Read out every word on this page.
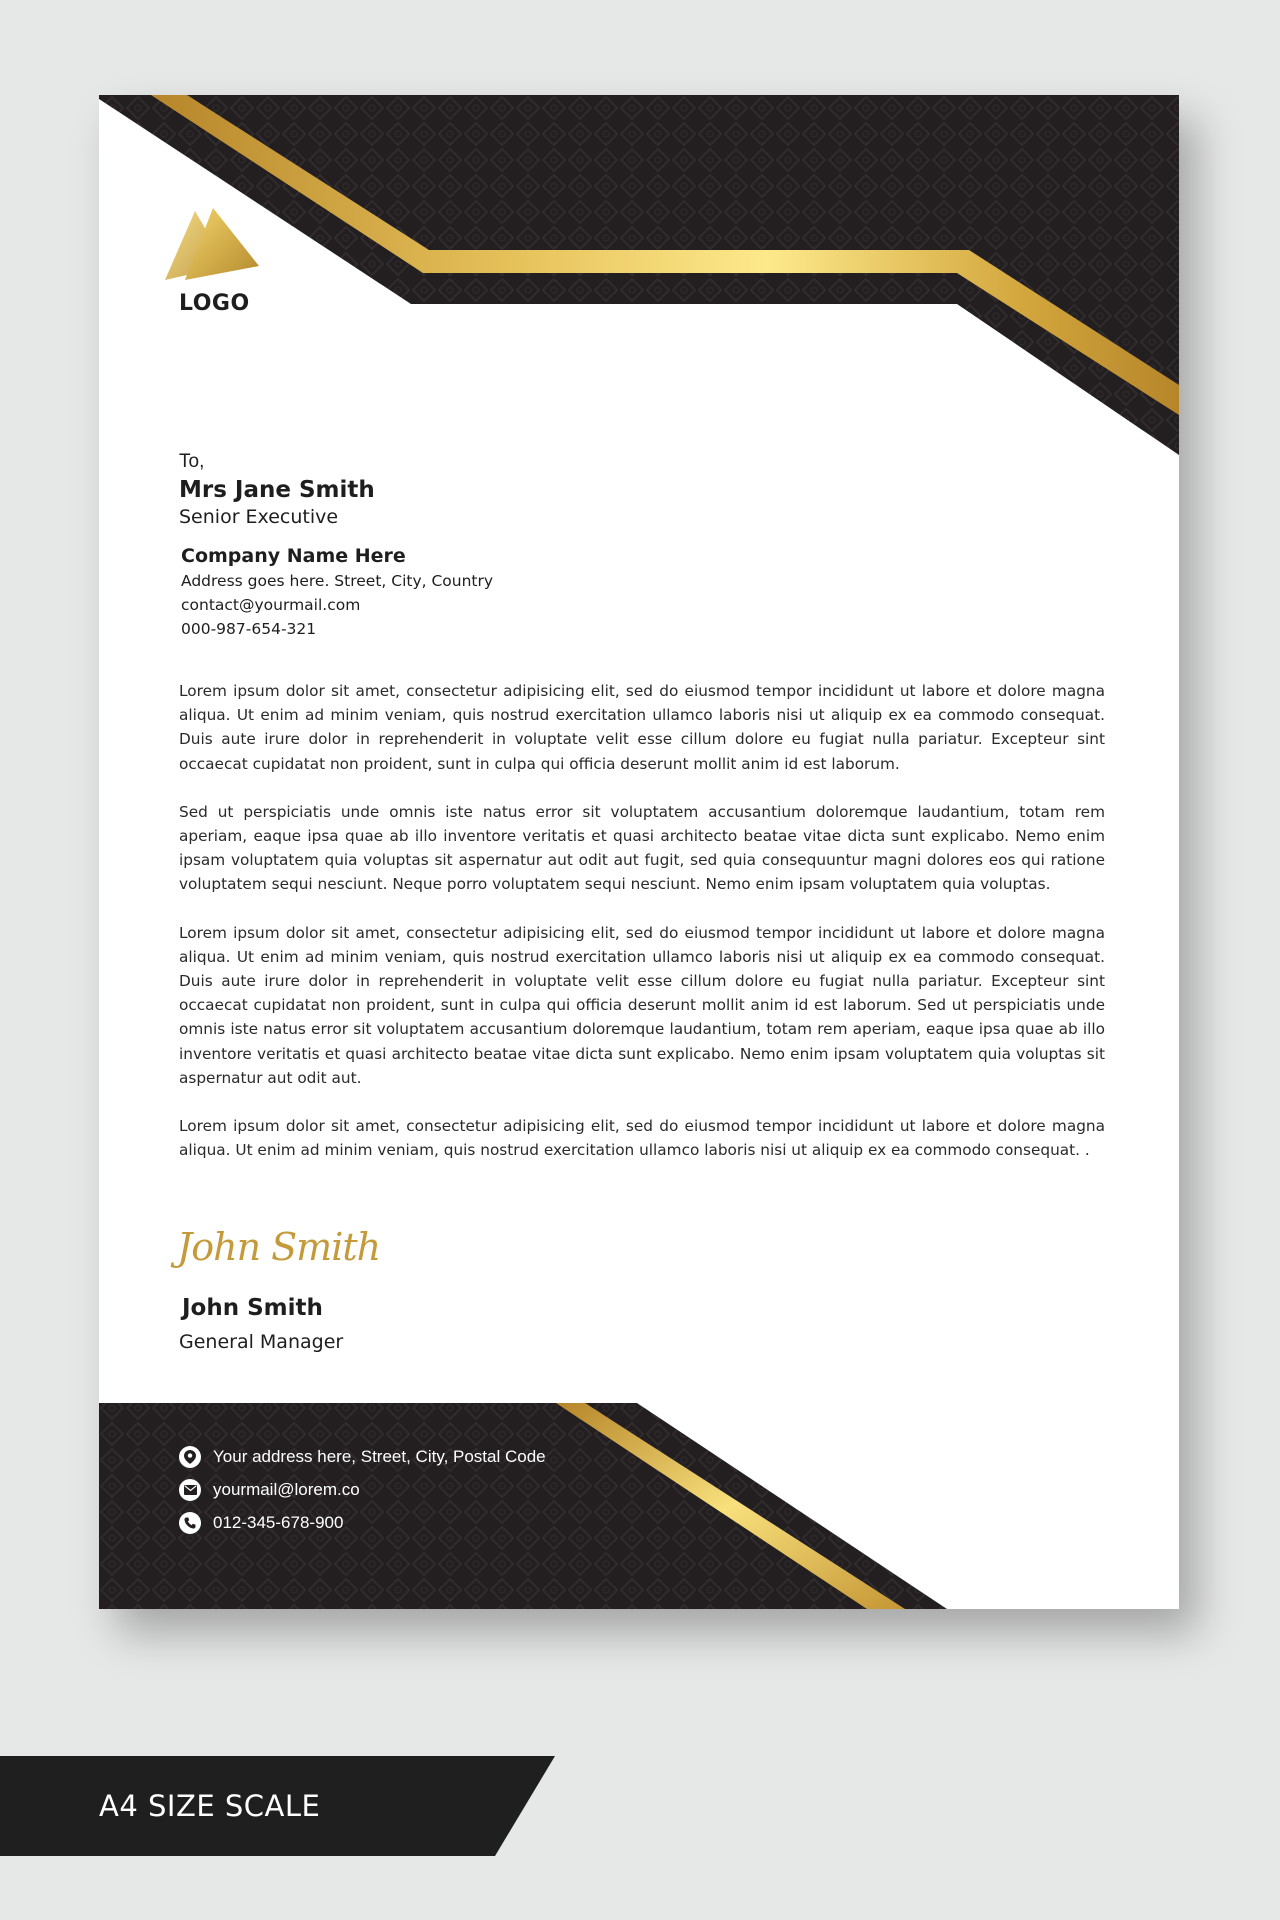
LOGO
To,
Mrs Jane Smith
Senior Executive
Company Name Here
Address goes here. Street, City, Country
contact@yourmail.com
000-987-654-321

Lorem ipsum dolor sit amet, consectetur adipisicing elit, sed do eiusmod tempor incididunt ut labore et dolore magna aliqua. Ut enim ad minim veniam, quis nostrud exercitation ullamco laboris nisi ut aliquip ex ea commodo consequat. Duis aute irure dolor in reprehenderit in voluptate velit esse cillum dolore eu fugiat nulla pariatur. Excepteur sint occaecat cupidatat non proident, sunt in culpa qui officia deserunt mollit anim id est laborum.

Sed ut perspiciatis unde omnis iste natus error sit voluptatem accusantium doloremque laudantium, totam rem aperiam, eaque ipsa quae ab illo inventore veritatis et quasi architecto beatae vitae dicta sunt explicabo. Nemo enim ipsam voluptatem quia voluptas sit aspernatur aut odit aut fugit, sed quia consequuntur magni dolores eos qui ratione voluptatem sequi nesciunt. Neque porro voluptatem sequi nesciunt. Nemo enim ipsam voluptatem quia voluptas.

Lorem ipsum dolor sit amet, consectetur adipisicing elit, sed do eiusmod tempor incididunt ut labore et dolore magna aliqua. Ut enim ad minim veniam, quis nostrud exercitation ullamco laboris nisi ut aliquip ex ea commodo consequat. Duis aute irure dolor in reprehenderit in voluptate velit esse cillum dolore eu fugiat nulla pariatur. Excepteur sint occaecat cupidatat non proident, sunt in culpa qui officia deserunt mollit anim id est laborum. Sed ut perspiciatis unde omnis iste natus error sit voluptatem accusantium doloremque laudantium, totam rem aperiam, eaque ipsa quae ab illo inventore veritatis et quasi architecto beatae vitae dicta sunt explicabo. Nemo enim ipsam voluptatem quia voluptas sit aspernatur aut odit aut.

Lorem ipsum dolor sit amet, consectetur adipisicing elit, sed do eiusmod tempor incididunt ut labore et dolore magna aliqua. Ut enim ad minim veniam, quis nostrud exercitation ullamco laboris nisi ut aliquip ex ea commodo consequat. .

John Smith
John Smith
General Manager
Your address here, Street, City, Postal Code
yourmail@lorem.co
012-345-678-900
A4 SIZE SCALE
